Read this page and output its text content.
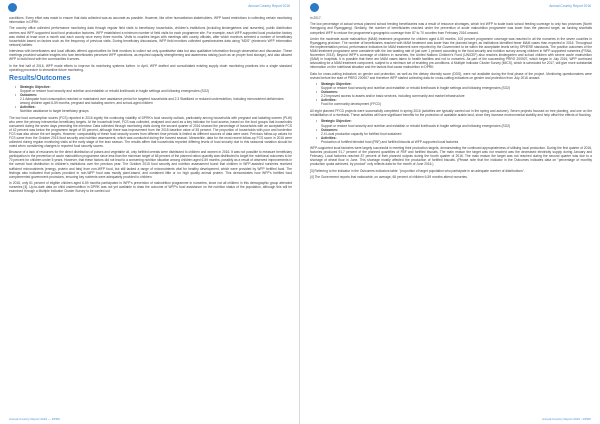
Annual Country Report 2016

conditions. Every effort was made to ensure that data collected was as accurate as possible. However, like other humanitarian stakeholders, WFP faced restrictions in collecting certain monitoring information in DPRK.

The country office collected performance monitoring data through regular field visits to beneficiary households, children's institutions (including kindergartens and nurseries), public distribution centres and WFP-supported local food production factories. WFP established a minimum number of field visits for each programme site. For example, each WFP-supported local production factory was visited at least once a month and each county once every three months. Visits to counties began with meetings with county officials, after which monitors selected a number of beneficiary households based on factors such as the frequency of previous visits. During beneficiary discussions, WFP field monitors collected questionnaires data using "MDS" (electronic WFP information network) tablets.

Interviews with beneficiaries and local officials offered opportunities for field monitors to collect not only quantitative data but also qualitative information through observation and discussion. These meetings provided valuable insights into how beneficiaries perceived WFP operations, as required capacity strengthening and awareness raising (such as on proper food storage), and also allowed WFP to build trust with the communities it serves.

In the first half of 2016, WFP made efforts to improve its monitoring systems further. In April, WFP drafted and consolidated existing supply chain monitoring practices into a single standard operating procedure to streamline future monitoring.

Results/Outcomes
• Strategic Objective:
Support or restore food security and nutrition and establish or rebuild livelihoods in fragile settings and following emergencies (SO2)
• Outcomes:
2.1 Adequate food consumption reached or maintained over assistance period for targeted households and 2.3 Stabilized or reduced undernutrition, including micronutrient deficiencies among children aged 6-59 months, pregnant and lactating women, and school-aged children
• Activities:
Nutrition assistance to target beneficiary groups

The low food consumption scores (FCS) reported in 2016 signify the continuing volatility of DPRK's food security outlook, particularly among households with pregnant and lactating women (PLW) who were the primary intervention beneficiary targets. At the household level, FCS was collected, analysed and used as a key indicator for food access, based on the food groups that households consumed during the seven days preceding the interview. Data collected through monitoring visits during the second quarter of 2016 showed the percentage of households with an acceptable FCS of 42 percent was below the programme target of 50 percent, although there was improvement from the 2015 baseline value of 35 percent. The proportion of households with poor and borderline FCS was also above the set targets. However, comparability of these food security scores from different time periods is limited as different sources of data were used. Previous follow-up values for FCS came from the October 2015 food security and nutrition assessment, which was conducted during the harvest season. Meanwhile, data for the most recent follow-up FCS score in 2016 were collected during regular monitoring visits at the early stage of the lean season. The results affirm that households reported differing levels of food security due to this seasonal variation should be noted when considering changes in reported food security scores.

Because of a lack of resources for the direct distribution of pulses and vegetable oil, only fortified cereals were distributed to children and women in 2016. It was not possible to measure beneficiary participation in the prevention of acute malnutrition programme since less than the minimum target of 66 percent of the planned ration quantity was distributed to target the nutritional outcomes to be 70 percent for children under 5 years. However, that these factors did not lead to a worsening nutrition situation among children aged 6-59 months, possibly as a result of observed improvements in the overall food distribution to children's institutions over the previous year. The October 2015 food security and nutrition assessment found that children in WFP-assisted nurseries received sufficient micronutrients (energy, protein and fats) from non-WFP food, but still lacked a range of micronutrients vital for healthy development, which were provided by WFP fortified food. The findings also indicated that pulses provided in non-WFP food was mostly plant-based, and contained little or no high quality animal protein. This demonstrates how WFP's fortified food complemented government provisions, ensuring key nutrients were adequately provided to children.

In 2016, only 61 percent of eligible children aged 6-59 months participated in WFP's prevention of malnutrition programme in nurseries, since not all children in this demographic group attended nurseries [4]. Up-to-date data on child undernutrition in DPRK was not yet available to draw the outcome of WFP's food assistance on the nutrition status of the population, although this will be examined through a Multiple Indicator Cluster Survey to be carried out

Annual Country Report 2016 — DPRK
Annual Country Report 2016

in 2017.

The low percentage of actual versus planned school feeding beneficiaries was a result of resource shortages, which led WFP to scale back school feeding coverage to only two provinces (North Hamgyong and Ryanggang). Similarly, the number of beneficiaries reached under the prevention of acute malnutrition programme was lower than the planned target, as funding shortfalls compelled WFP to reduce the programme's geographic coverage from 87 to 70 counties from February 2016 onward.

Under the moderate acute malnutrition (MAM) treatment programme for children aged 6-59 months, 100 percent programme coverage was reached in all the nurseries in the seven counties in Ryanggang province. The number of beneficiaries reached with MAM treatment was lower than the planned target, as institutions identified fewer MAM cases than expected in 2016. Throughout the implementation period, performance indicators for MAM treatment were reported by the Government to be within the acceptable levels set by SPHERE standards. The positive outcomes of the MAM treatment programme were consistent with the low wasting rate of just over 1 percent according to the food security and nutrition survey among children in WFP-supported nurseries (FSNA, November 2015). Beyond WFP's coverage of children in nurseries, the United Nations Children's Fund (UNICEF) also reaches kindergarten and school children with severe acute malnutrition (SAM) in hospitals. It is possible that there are MAM cases taken to health facilities and not to nurseries. As part of the succeeding PRRO 200907, which began in July 2016, WFP continued advocating for a MAM treatment component, subject to a minimum set of enabling pre-conditions. A Multiple Indicator Cluster Survey (MICS), which is scheduled for 2017, will give more substantial information on the nutritional situation and the factors that cause malnutrition in DPRK.

Data for cross-cutting indicators on gender and protection, as well as the dietary diversity score (DDS), were not available during the final phase of the project. Monitoring questionnaires were revised before the start of PRRO 200907 and therefore WFP started collecting data for cross-cutting indicators on gender and protection from July 2016 onward.

• Strategic Objective:
Support or restore food security and nutrition and establish or rebuild livelihoods in fragile settings and following emergencies (SO2)
• Outcomes:
2.2 Improved access to assets and/or basic services, including community and market infrastructure
• Activities:
Food for community development (FFCD)

All eight planned FFCD projects were successfully completed in spring 2016 (activities are typically carried out in the spring and autumn). Seven projects focused on tree planting, and one on the rehabilitation of a riverbank. These activities will have significant benefits for the protection of available arable land, since they increase environmental stability and help offset the effects of flooding.

• Strategic Objective:
Support or restore food security and nutrition and establish or rebuild livelihoods in fragile settings and following emergencies (SO2)
• Outcomes:
2.4 Local production capacity for fortified food sustained
• Activities:
Production of fortified blended food (FBF) and fortified biscuits at WFP-supported local factories

WFP-supported local factories were largely successful in meeting their production targets, demonstrating the continued appropriateness of utilising local production. During the first quarter of 2016, factories produced 91.7 percent of the planned quantities of FBF and fortified biscuits. The main reason the target was not reached was the decreased electricity supply during January and February. Local factories reached 87 percent of their planned outputs during the fourth quarter of 2016. The main reason the target was not reached during the second quarter was due to a shortage of wheat flour in June. This shortage mostly affected the production of fortified biscuits. (Please note that the indicator in the Outcomes indicates data on "percentage of monthly production quota achieved, by product" only reflects data for the month of June 2016.)

[3] Referring to the indicator in the Outcomes indicators table: "proportion of target population who participate in an adequate number of distributions".

[4] The Government reports that nationwide, on average, 68 percent of children 6-59 months attend nurseries.

Annual Country Report 2016 - DPRK
